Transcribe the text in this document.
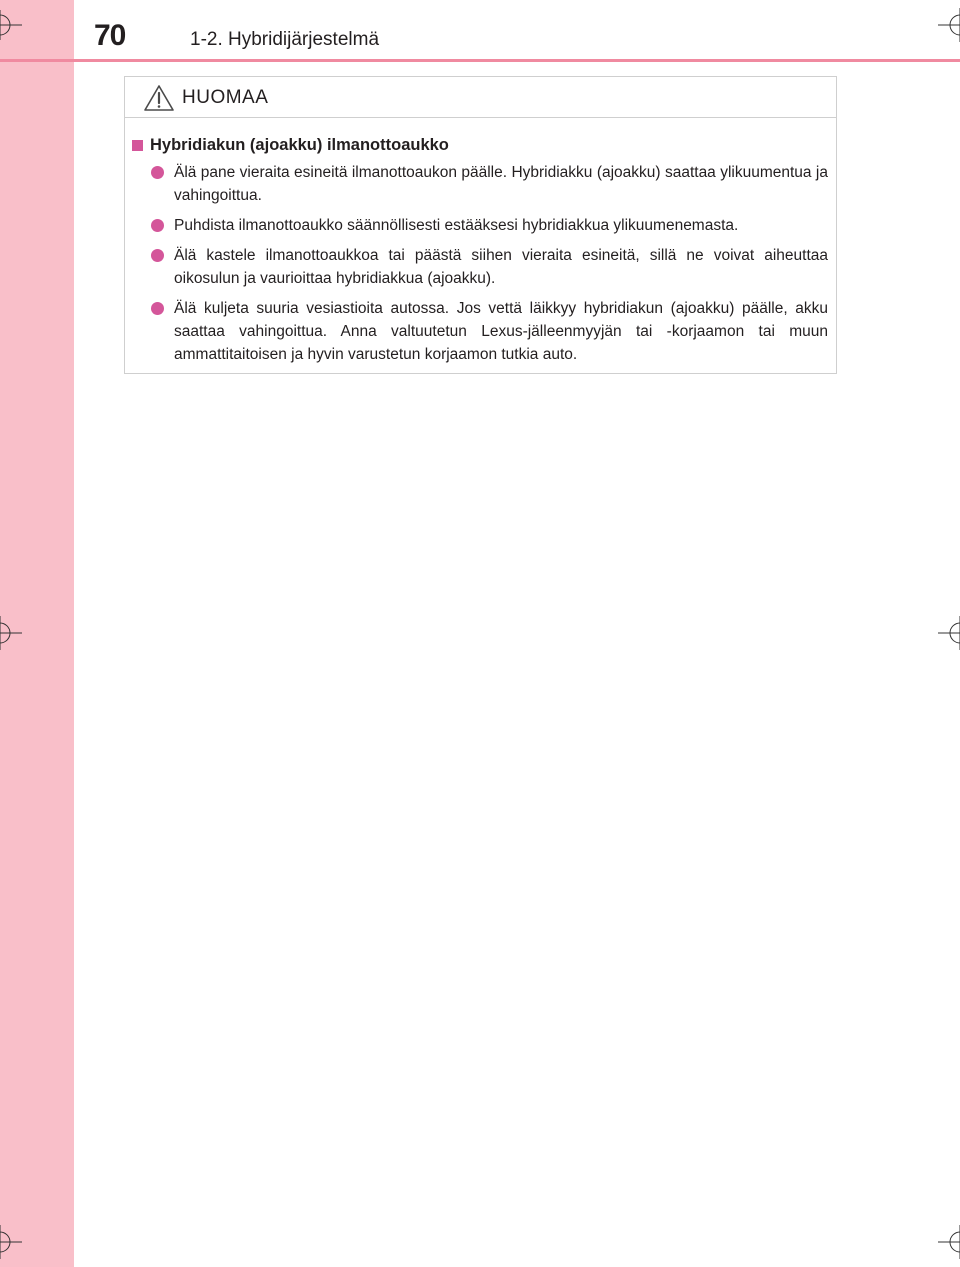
70	1-2. Hybridijärjestelmä
HUOMAA
Hybridiakun (ajoakku) ilmanottoaukko
Älä pane vieraita esineitä ilmanottoaukon päälle. Hybridiakku (ajoakku) saattaa ylikuumentua ja vahingoittua.
Puhdista ilmanottoaukko säännöllisesti estääksesi hybridiakkua ylikuumenemasta.
Älä kastele ilmanottoaukkoa tai päästä siihen vieraita esineitä, sillä ne voivat aiheuttaa oikosulun ja vaurioittaa hybridiakkua (ajoakku).
Älä kuljeta suuria vesiastioita autossa. Jos vettä läikkyy hybridiakun (ajoakku) päälle, akku saattaa vahingoittua. Anna valtuutetun Lexus-jälleenmyyjän tai -korjaamon tai muun ammattitaitoisen ja hyvin varustetun korjaamon tutkia auto.
